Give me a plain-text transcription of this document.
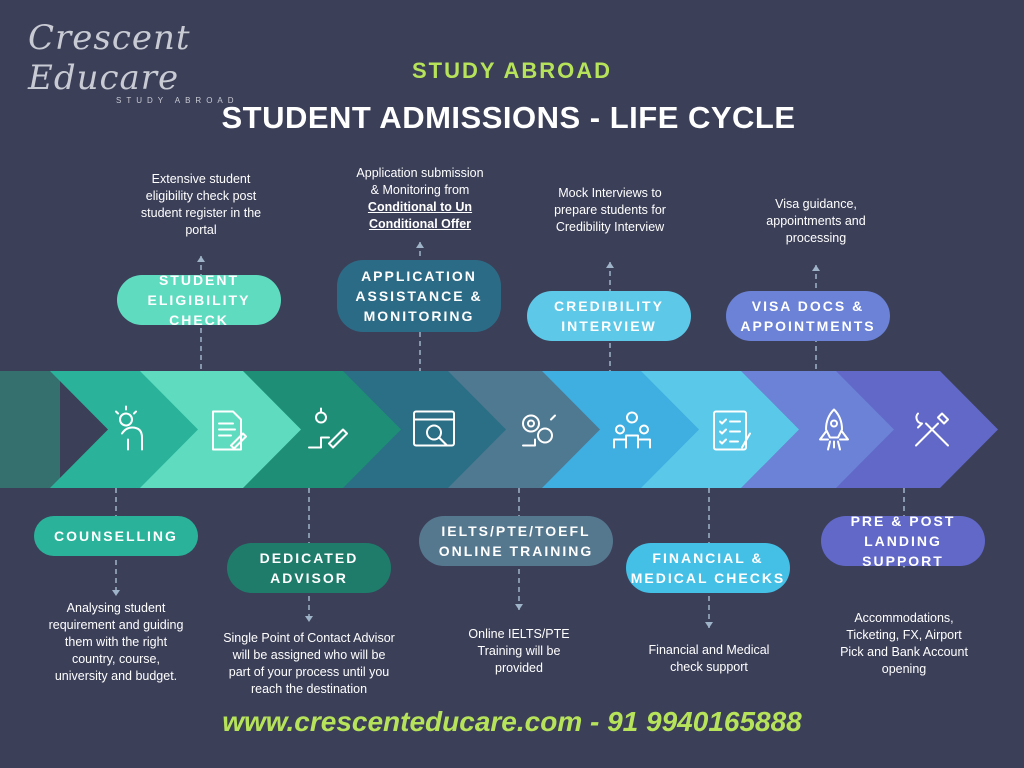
Crescent Educare
STUDY ABROAD
STUDY ABROAD
STUDENT ADMISSIONS - LIFE CYCLE
STUDENT
ELIGIBILITY CHECK
Extensive student
eligibility check post
student register in the
portal
APPLICATION
ASSISTANCE &
MONITORING
Application submission
& Monitoring from
Conditional to Un
Conditional Offer
CREDIBILITY
INTERVIEW
Mock Interviews to
prepare students for
Credibility Interview
VISA DOCS &
APPOINTMENTS
Visa guidance,
appointments and
processing
COUNSELLING
Analysing student
requirement and guiding
them with the right
country, course,
university and budget.
DEDICATED
ADVISOR
Single Point of Contact Advisor
will be assigned who will be
part of your process until you
reach the destination
IELTS/PTE/TOEFL
ONLINE TRAINING
Online IELTS/PTE
Training will be
provided
FINANCIAL &
MEDICAL CHECKS
Financial and Medical
check support
PRE & POST
LANDING SUPPORT
Accommodations,
Ticketing, FX, Airport
Pick and Bank Account
opening
www.crescenteducare.com - 91 9940165888
